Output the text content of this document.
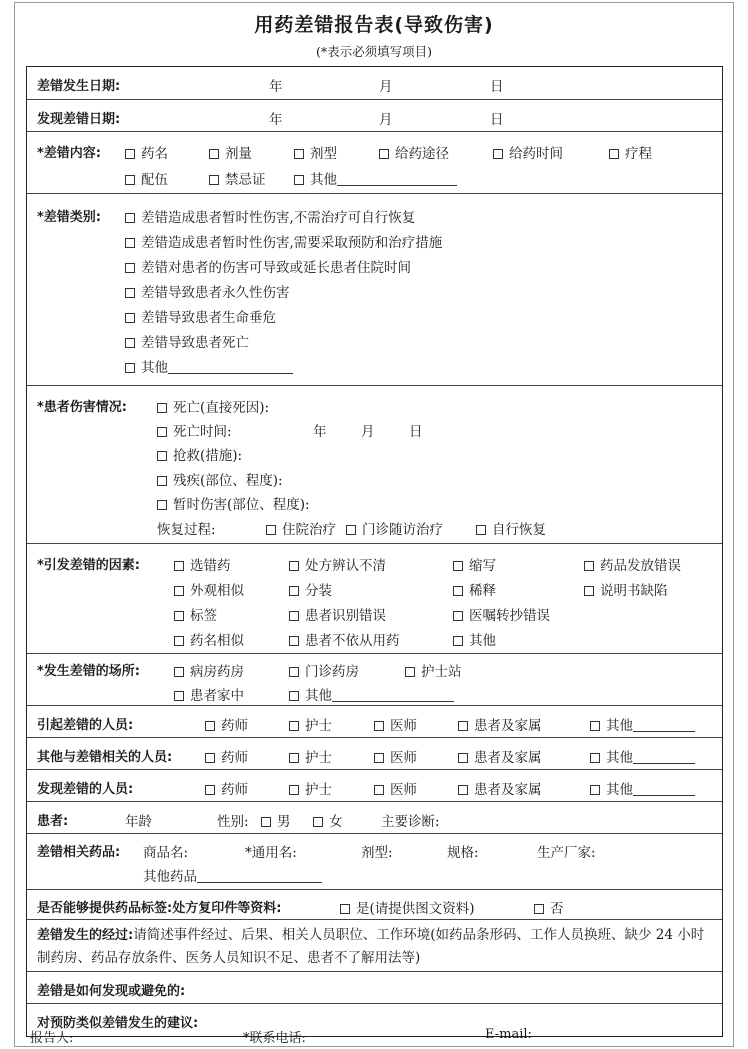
用药差错报告表(导致伤害)
(*表示必须填写项目)
差错发生日期:	年	月	日
发现差错日期:	年	月	日
*差错内容:	药名	剂量	剂型	给药途径	给药时间	疗程
配伍	禁忌证	其他
*差错类别:	差错造成患者暂时性伤害,不需治疗可自行恢复
差错造成患者暂时性伤害,需要采取预防和治疗措施
差错对患者的伤害可导致或延长患者住院时间
差错导致患者永久性伤害
差错导致患者生命垂危
差错导致患者死亡
其他
*患者伤害情况:	死亡(直接死因):
死亡时间:	年	月	日
抢救(措施):
残疾(部位、程度):
暂时伤害(部位、程度):
恢复过程:	住院治疗	门诊随访治疗	自行恢复
*引发差错的因素:	选错药	处方辨认不清	缩写	药品发放错误
外观相似	分装	稀释	说明书缺陷
标签	患者识别错误	医嘱转抄错误
药名相似	患者不依从用药	其他
*发生差错的场所:	病房药房	门诊药房	护士站
患者家中	其他
引起差错的人员:	药师	护士	医师	患者及家属	其他
其他与差错相关的人员:	药师	护士	医师	患者及家属	其他
发现差错的人员:	药师	护士	医师	患者及家属	其他
患者:	年龄	性别:	男	女	主要诊断:
差错相关药品: 商品名:	*通用名:	剂型:	规格:	生产厂家:
其他药品
是否能够提供药品标签:处方复印件等资料:	是(请提供图文资料)	否
差错发生的经过:请简述事件经过、后果、相关人员职位、工作环境(如药品条形码、工作人员换班、缺少 24 小时制药房、药品存放条件、医务人员知识不足、患者不了解用法等)
差错是如何发现或避免的:
对预防类似差错发生的建议:
报告人:	*联系电话:	E-mail:
